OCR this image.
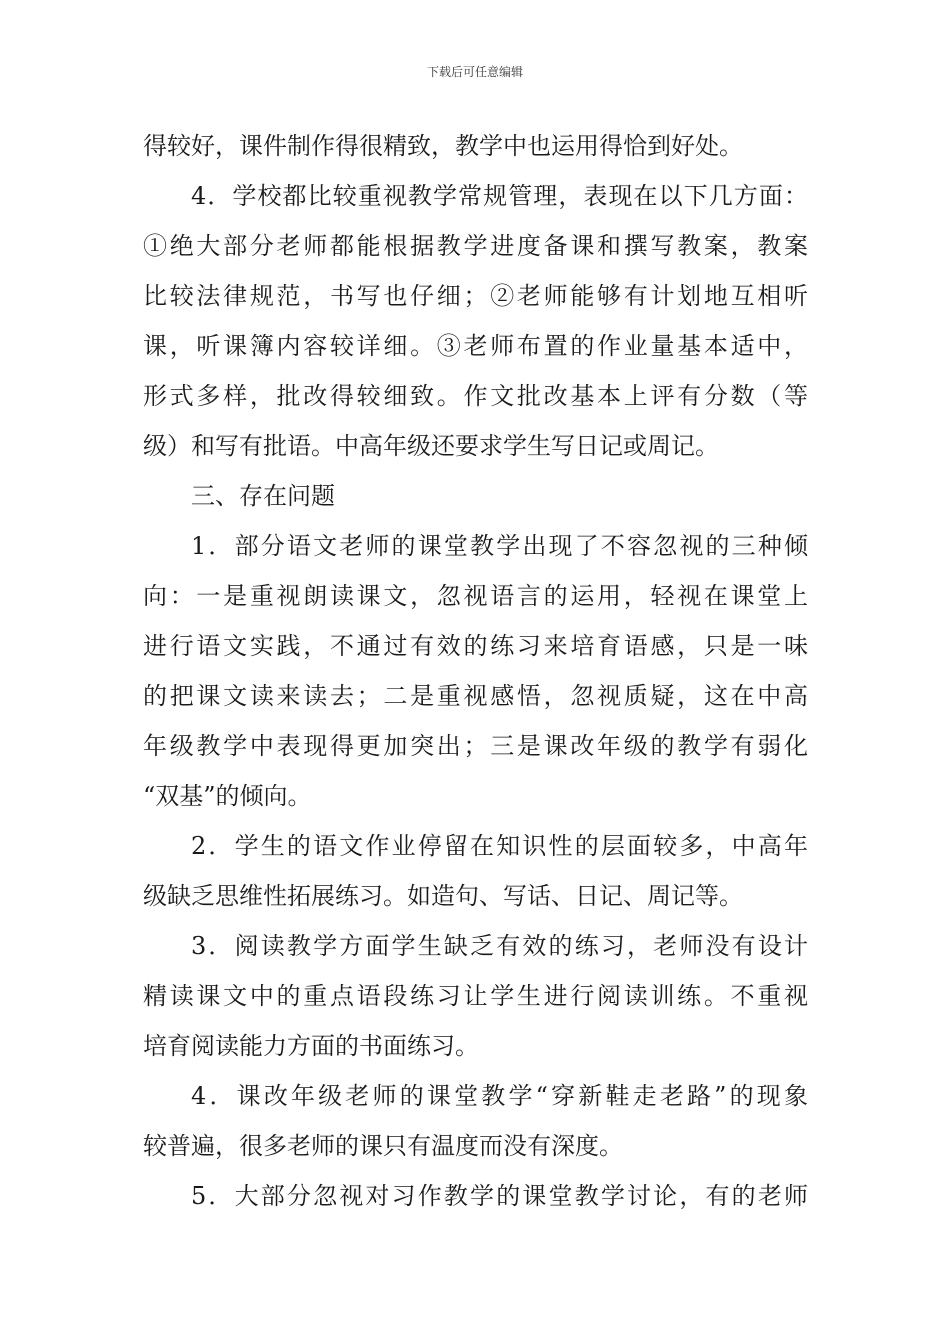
下载后可任意编辑
得较好，课件制作得很精致，教学中也运用得恰到好处。
4．学校都比较重视教学常规管理，表现在以下几方面：
①绝大部分老师都能根据教学进度备课和撰写教案，教案
比较法律规范，书写也仔细；②老师能够有计划地互相听
课，听课簿内容较详细。③老师布置的作业量基本适中，
形式多样，批改得较细致。作文批改基本上评有分数（等
级）和写有批语。中高年级还要求学生写日记或周记。
三、存在问题
1．部分语文老师的课堂教学出现了不容忽视的三种倾
向：一是重视朗读课文，忽视语言的运用，轻视在课堂上
进行语文实践，不通过有效的练习来培育语感，只是一味
的把课文读来读去；二是重视感悟，忽视质疑，这在中高
年级教学中表现得更加突出；三是课改年级的教学有弱化
“双基”的倾向。
2．学生的语文作业停留在知识性的层面较多，中高年
级缺乏思维性拓展练习。如造句、写话、日记、周记等。
3．阅读教学方面学生缺乏有效的练习，老师没有设计
精读课文中的重点语段练习让学生进行阅读训练。不重视
培育阅读能力方面的书面练习。
4．课改年级老师的课堂教学“穿新鞋走老路”的现象
较普遍，很多老师的课只有温度而没有深度。
5．大部分忽视对习作教学的课堂教学讨论，有的老师
